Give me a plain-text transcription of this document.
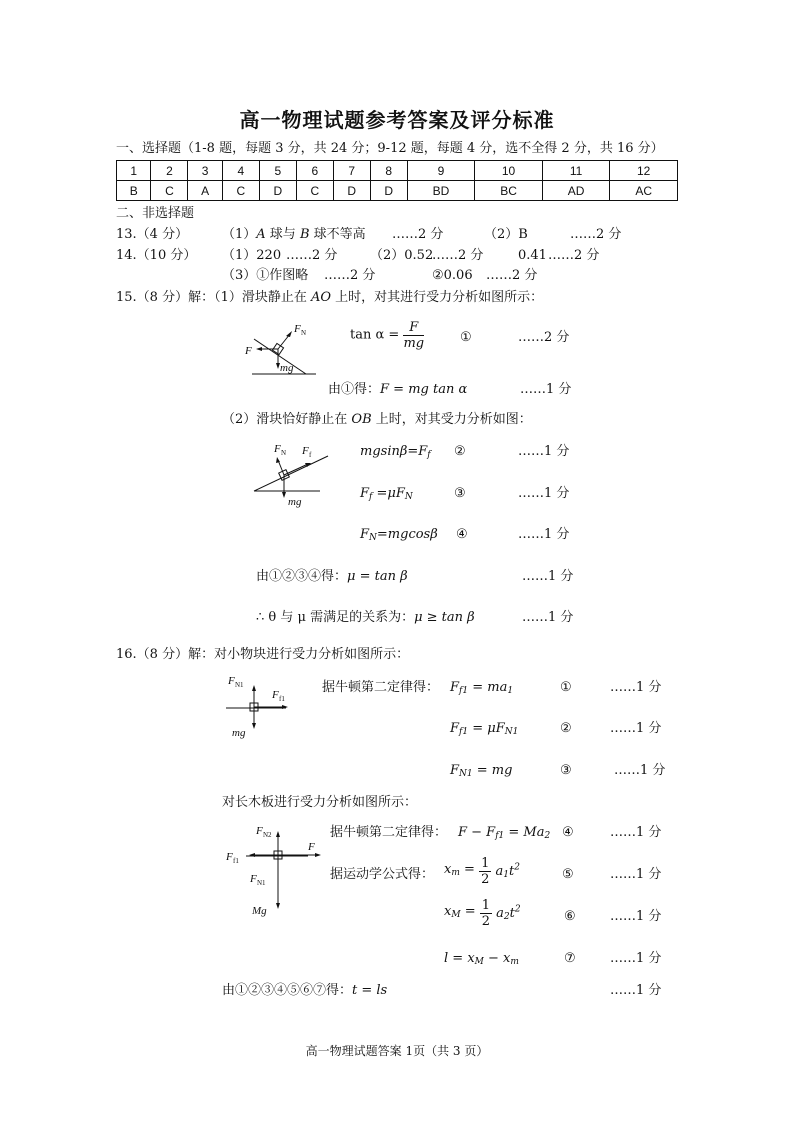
高一物理试题参考答案及评分标准
一、选择题（1-8 题，每题 3 分，共 24 分；9-12 题，每题 4 分，选不全得 2 分，共 16 分）
1	2	3	4	5	6	7	8	9	10	11	12
B	C	A	C	D	C	D	D	BD	BC	AD	AC
二、非选择题
13.（4 分）	（1）A 球与 B 球不等高 ……2 分	（2）B	……2 分
14.（10 分） （1）220 ……2 分	（2）0.52
……2 分	0.41 ……2 分
（3）①作图略 ……2 分	②0.06 ……2 分
15.（8 分）解：（1）滑块静止在 AO 上时，对其进行受力分析如图所示：
F N
F
mg
$\tan \alpha = \frac{F}{mg}$	①	……2 分
由①得：F = mg tan α	……1 分
（2）滑块恰好静止在 OB 上时，对其受力分析如图：
F N F f
mg
$mgsin\beta=F_f$ ②	……1 分
$F_f =\mu F_N$	③	……1 分
$F_N=mgcos\beta$ ④	……1 分
由①②③④得：μ = tan β	……1 分
∴ θ 与 μ 需满足的关系为：μ ≥ tan β	……1 分
16.（8 分）解：对小物块进行受力分析如图所示：
F N1
F f1
mg
据牛顿第二定律得： $F_{f1} = ma_1$	①	……1 分
$F_{f1} = \mu F_{N1}$	②	……1 分
$F_{N1}$ = mg	③	……1 分
对长木板进行受力分析如图所示：
F N2
F f1
F
F N1
Mg
据牛顿第二定律得： $F - F_{f1} = Ma_2$ ④	……1 分
据运动学公式得： $x_m = \frac{1}{2} a_1t^2$	⑤	……1 分
$x_M = \frac{1}{2} a_2t^2$	⑥	……1 分
$l = x_M - x_m$	⑦	……1 分
由①②③④⑤⑥⑦得：t = ls	……1 分
高一物理试题答案 1页（共 3 页）
